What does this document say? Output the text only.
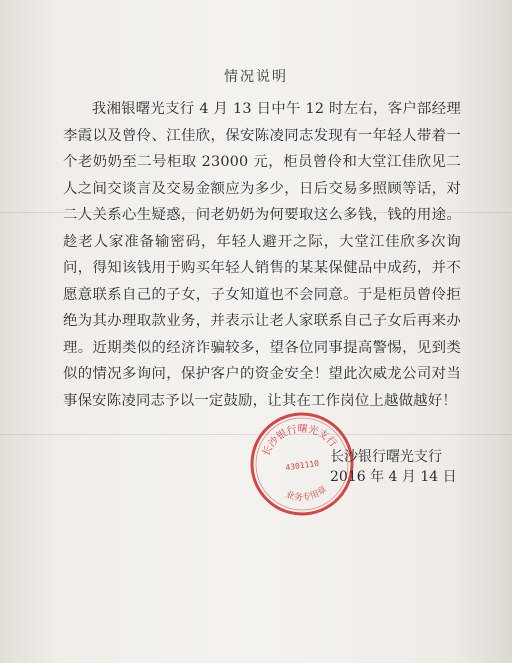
情况说明

我湘银曙光支行 4 月 13 日中午 12 时左右，客户部经理李霞以及曾伶、江佳欣，保安陈凌同志发现有一年轻人带着一个老奶奶至二号柜取 23000 元，柜员曾伶和大堂江佳欣见二人之间交谈言及交易金额应为多少，日后交易多照顾等话，对二人关系心生疑惑，问老奶奶为何要取这么多钱，钱的用途。趁老人家准备输密码，年轻人避开之际，大堂江佳欣多次询问，得知该钱用于购买年轻人销售的某某保健品中成药，并不愿意联系自己的子女，子女知道也不会同意。于是柜员曾伶拒绝为其办理取款业务，并表示让老人家联系自己子女后再来办理。近期类似的经济诈骗较多，望各位同事提高警惕，见到类似的情况多询问，保护客户的资金安全！望此次威龙公司对当事保安陈凌同志予以一定鼓励，让其在工作岗位上越做越好！

长沙银行曙光支行
业务专用章
4301110
长沙银行曙光支行
2016 年 4 月 14 日
